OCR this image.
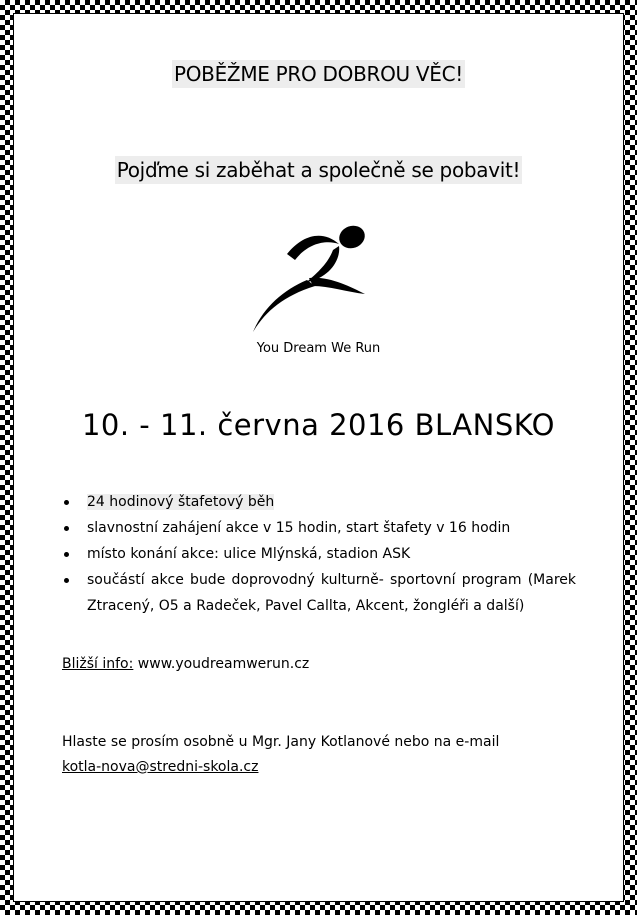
POBĚŽME PRO DOBROU VĚC!
Pojďme si zaběhat a společně se pobavit!
You Dream We Run
10. - 11. června 2016 BLANSKO
24 hodinový štafetový běh
slavnostní zahájení akce v 15 hodin, start štafety v 16 hodin
místo konání akce: ulice Mlýnská, stadion ASK
součástí akce bude doprovodný kulturně- sportovní program (Marek Ztracený, O5 a Radeček, Pavel Callta, Akcent, žongléři a další)
Bližší info: www.youdreamwerun.cz
Hlaste se prosím osobně u Mgr. Jany Kotlanové nebo na e-mail
kotla-nova@stredni-skola.cz
